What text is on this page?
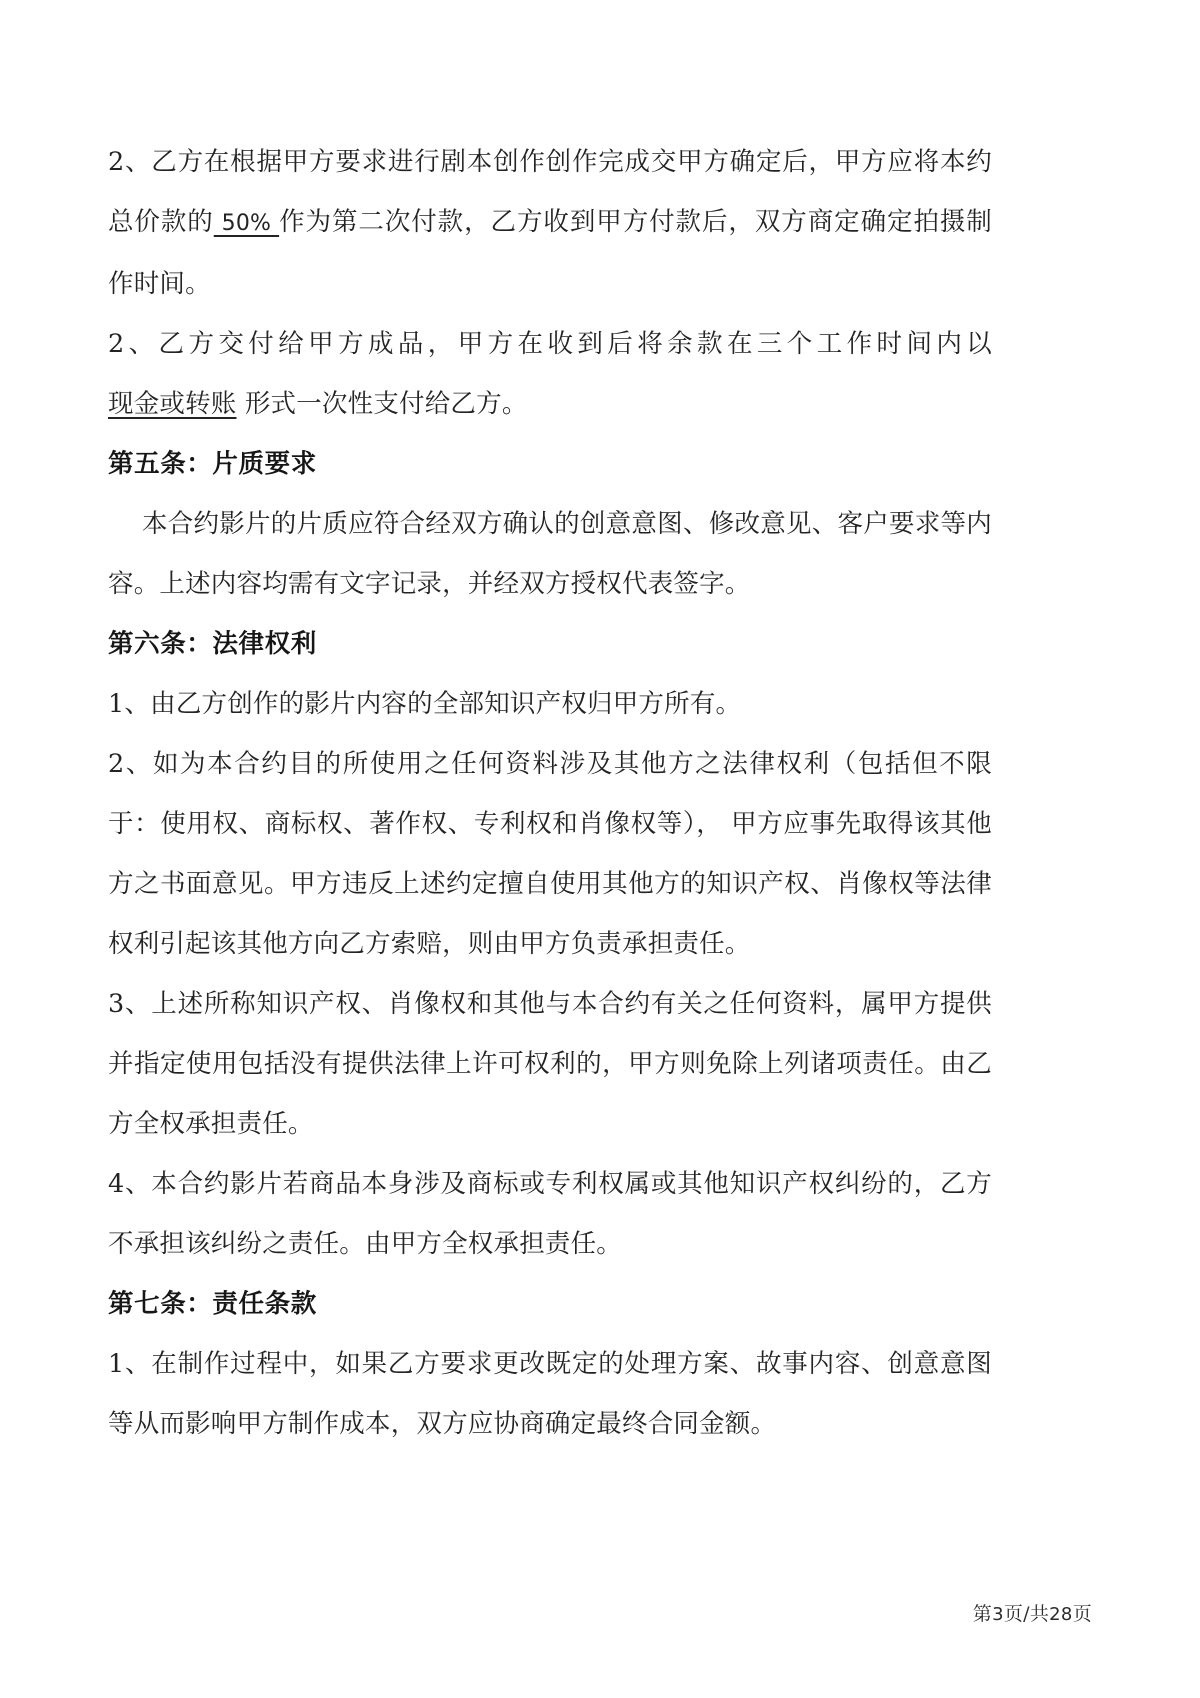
2、乙方在根据甲方要求进行剧本创作创作完成交甲方确定后，甲方应将本约总价款的 50% 作为第二次付款，乙方收到甲方付款后，双方商定确定拍摄制作时间。

2、乙方交付给甲方成品，甲方在收到后将余款在三个工作时间内以 现金或转账 形式一次性支付给乙方。

第五条：片质要求

本合约影片的片质应符合经双方确认的创意意图、修改意见、客户要求等内容。上述内容均需有文字记录，并经双方授权代表签字。

第六条：法律权利

1、由乙方创作的影片内容的全部知识产权归甲方所有。

2、如为本合约目的所使用之任何资料涉及其他方之法律权利（包括但不限于：使用权、商标权、著作权、专利权和肖像权等）， 甲方应事先取得该其他方之书面意见。甲方违反上述约定擅自使用其他方的知识产权、肖像权等法律权利引起该其他方向乙方索赔，则由甲方负责承担责任。

3、上述所称知识产权、肖像权和其他与本合约有关之任何资料，属甲方提供并指定使用包括没有提供法律上许可权利的，甲方则免除上列诸项责任。由乙方全权承担责任。

4、本合约影片若商品本身涉及商标或专利权属或其他知识产权纠纷的，乙方不承担该纠纷之责任。由甲方全权承担责任。

第七条：责任条款

1、在制作过程中，如果乙方要求更改既定的处理方案、故事内容、创意意图等从而影响甲方制作成本，双方应协商确定最终合同金额。

第3页/共28页
